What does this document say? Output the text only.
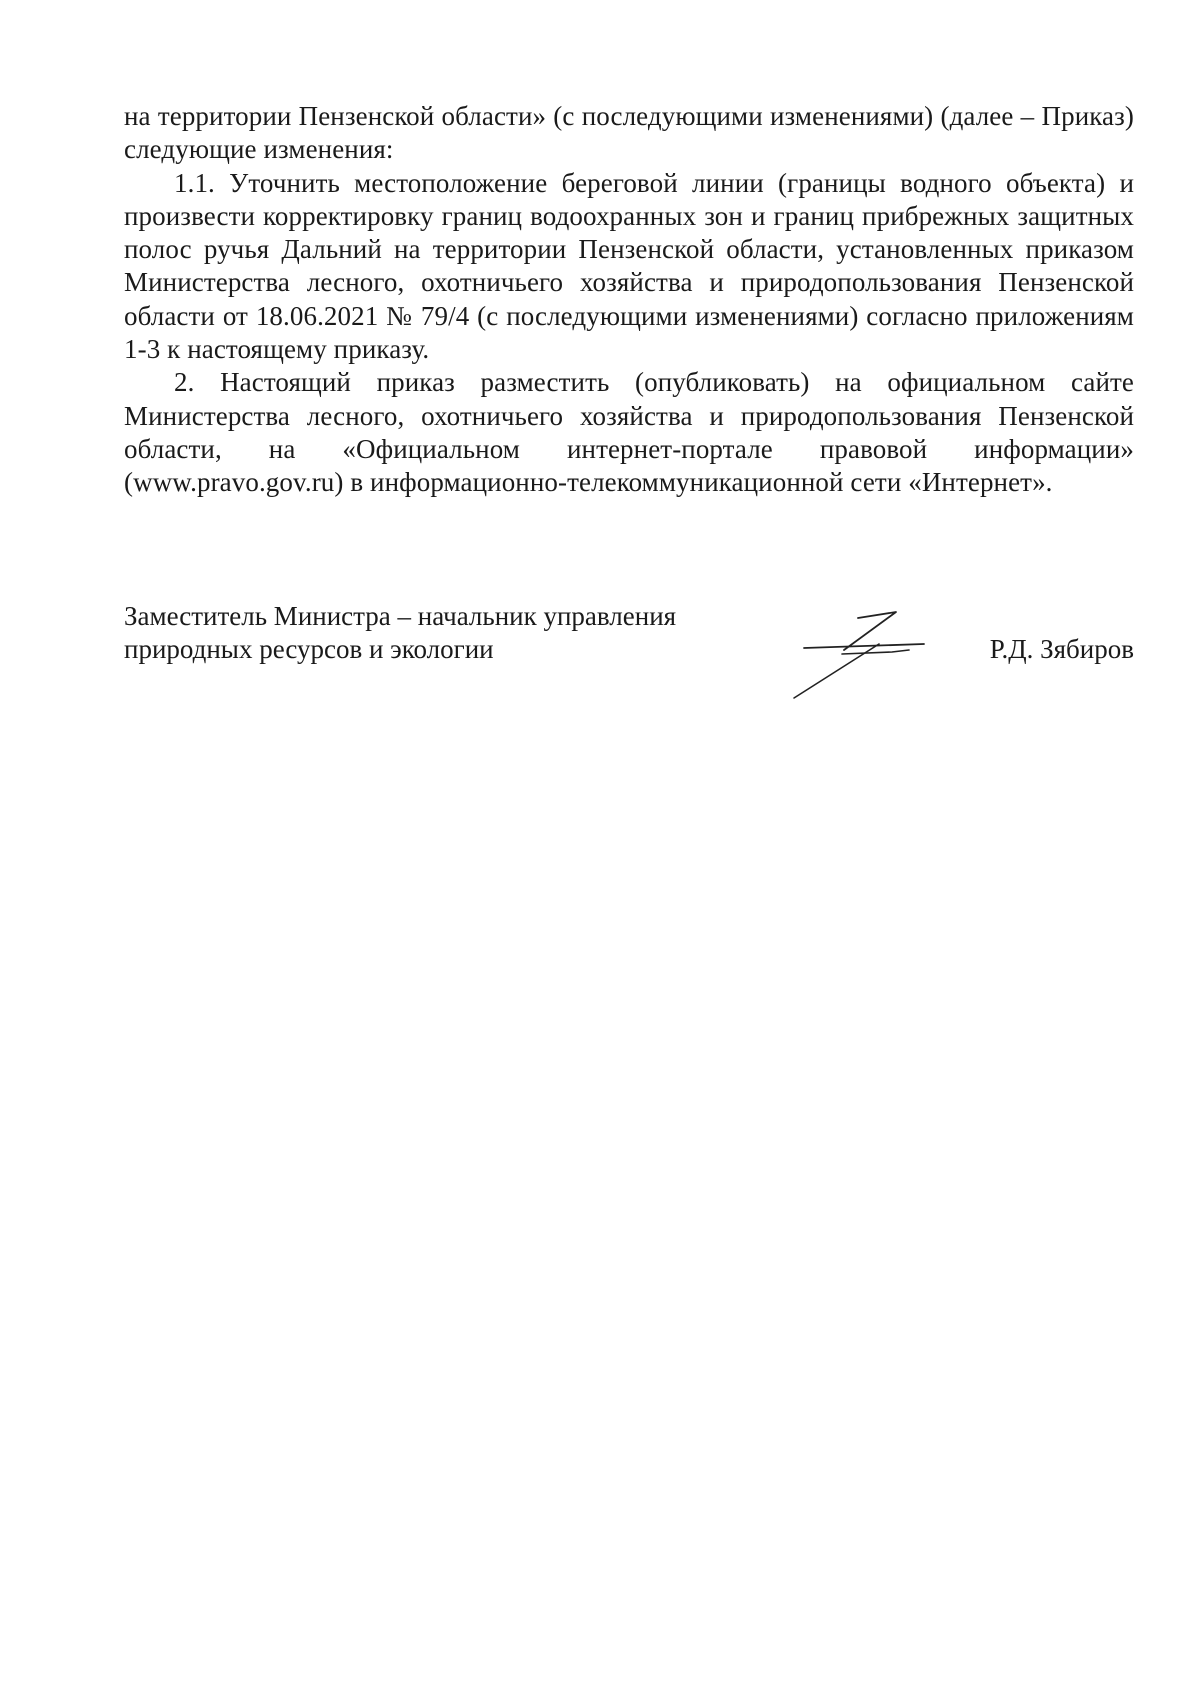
на территории Пензенской области» (с последующими изменениями) (далее – Приказ) следующие изменения:

1.1. Уточнить местоположение береговой линии (границы водного объекта) и произвести корректировку границ водоохранных зон и границ прибрежных защитных полос ручья Дальний на территории Пензенской области, установленных приказом Министерства лесного, охотничьего хозяйства и природопользования Пензенской области от 18.06.2021 № 79/4 (с последующими изменениями) согласно приложениям 1-3 к настоящему приказу.

2. Настоящий приказ разместить (опубликовать) на официальном сайте Министерства лесного, охотничьего хозяйства и природопользования Пензенской области, на «Официальном интернет-портале правовой информации» (www.pravo.gov.ru) в информационно-телекоммуникационной сети «Интернет».

Заместитель Министра – начальник управления
природных ресурсов и экологии	Р.Д. Зябиров
